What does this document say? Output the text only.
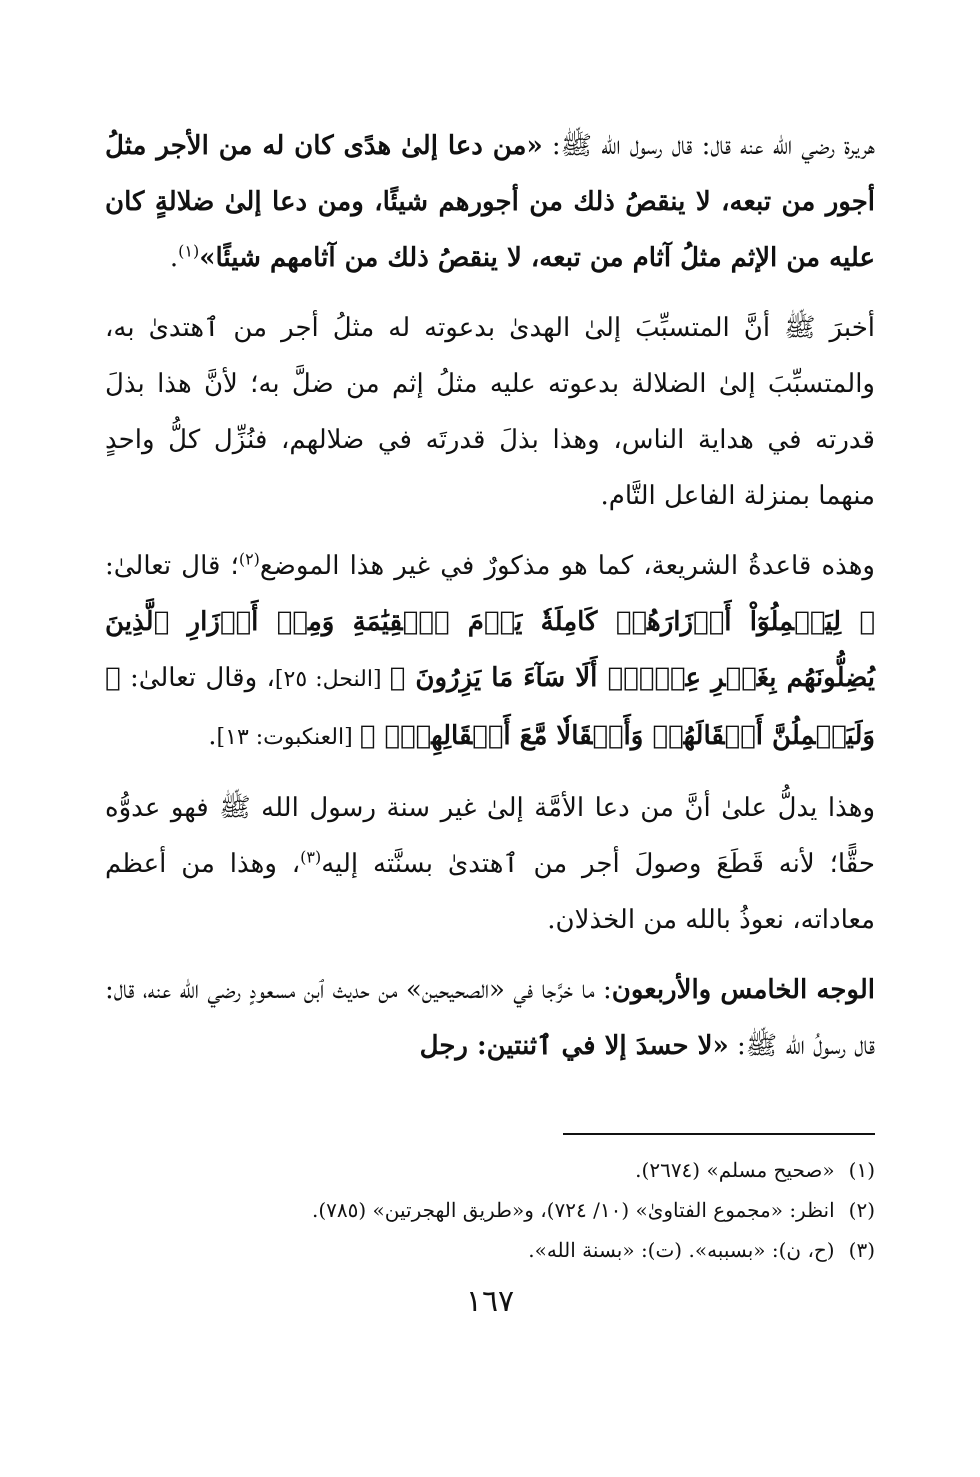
هريرة رضي الله عنه قال: قال رسول الله ﷺ: «من دعا إلىٰ هدًى كان له من الأجر مثلُ أجور من تبعه، لا ينقصُ ذلك من أجورهم شيئًا، ومن دعا إلىٰ ضلالةٍ كان عليه من الإثم مثلُ آثام من تبعه، لا ينقصُ ذلك من آثامهم شيئًا»$^{(١)}$.

أخبرَ ﷺ أنَّ المتسبِّبَ إلىٰ الهدىٰ بدعوته له مثلُ أجر من ٱهتدىٰ به، والمتسبِّبَ إلىٰ الضلالة بدعوته عليه مثلُ إثم من ضلَّ به؛ لأنَّ هذا بذلَ قدرته في هداية الناس، وهذا بذلَ قدرتَه في ضلالهم، فنُزِّل كلُّ واحدٍ منهما بمنزلة الفاعل التَّام.

وهذه قاعدةُ الشريعة، كما هو مذكورٌ في غير هذا الموضع$^{(٢)}$؛ قال تعالىٰ: ﴿ لِيَحۡمِلُوٓاْ أَوۡزَارَهُمۡ كَامِلَةٗ يَوۡمَ ٱلۡقِيَٰمَةِ وَمِنۡ أَوۡزَارِ ٱلَّذِينَ يُضِلُّونَهُم بِغَيۡرِ عِلۡمٍۗ أَلَا سَآءَ مَا يَزِرُونَ ﴾ [النحل: ٢٥]، وقال تعالىٰ: ﴿ وَلَيَحۡمِلُنَّ أَثۡقَالَهُمۡ وَأَثۡقَالٗا مَّعَ أَثۡقَالِهِمۡۖ ﴾ [العنكبوت: ١٣].

وهذا يدلُّ علىٰ أنَّ من دعا الأمَّة إلىٰ غير سنة رسول الله ﷺ فهو عدوُّه حقًّا؛ لأنه قَطَعَ وصولَ أجر من ٱهتدىٰ بسنَّته إليه$^{(٣)}$، وهذا من أعظم معاداته، نعوذُ بالله من الخذلان.

الوجه الخامس والأربعون: ما خرَّجا في «الصحيحين» من حديث ٱبن مسعودٍ رضي الله عنه، قال: قال رسولُ الله ﷺ: «لا حسدَ إلا في ٱثنتين: رجل

(١)«صحيح مسلم» (٢٦٧٤).
(٢)انظر: «مجموع الفتاوىٰ» (١٠/ ٧٢٤)، و«طريق الهجرتين» (٧٨٥).
(٣)(ح، ن): «بسببه». (ت): «بسنة الله».
١٦٧
